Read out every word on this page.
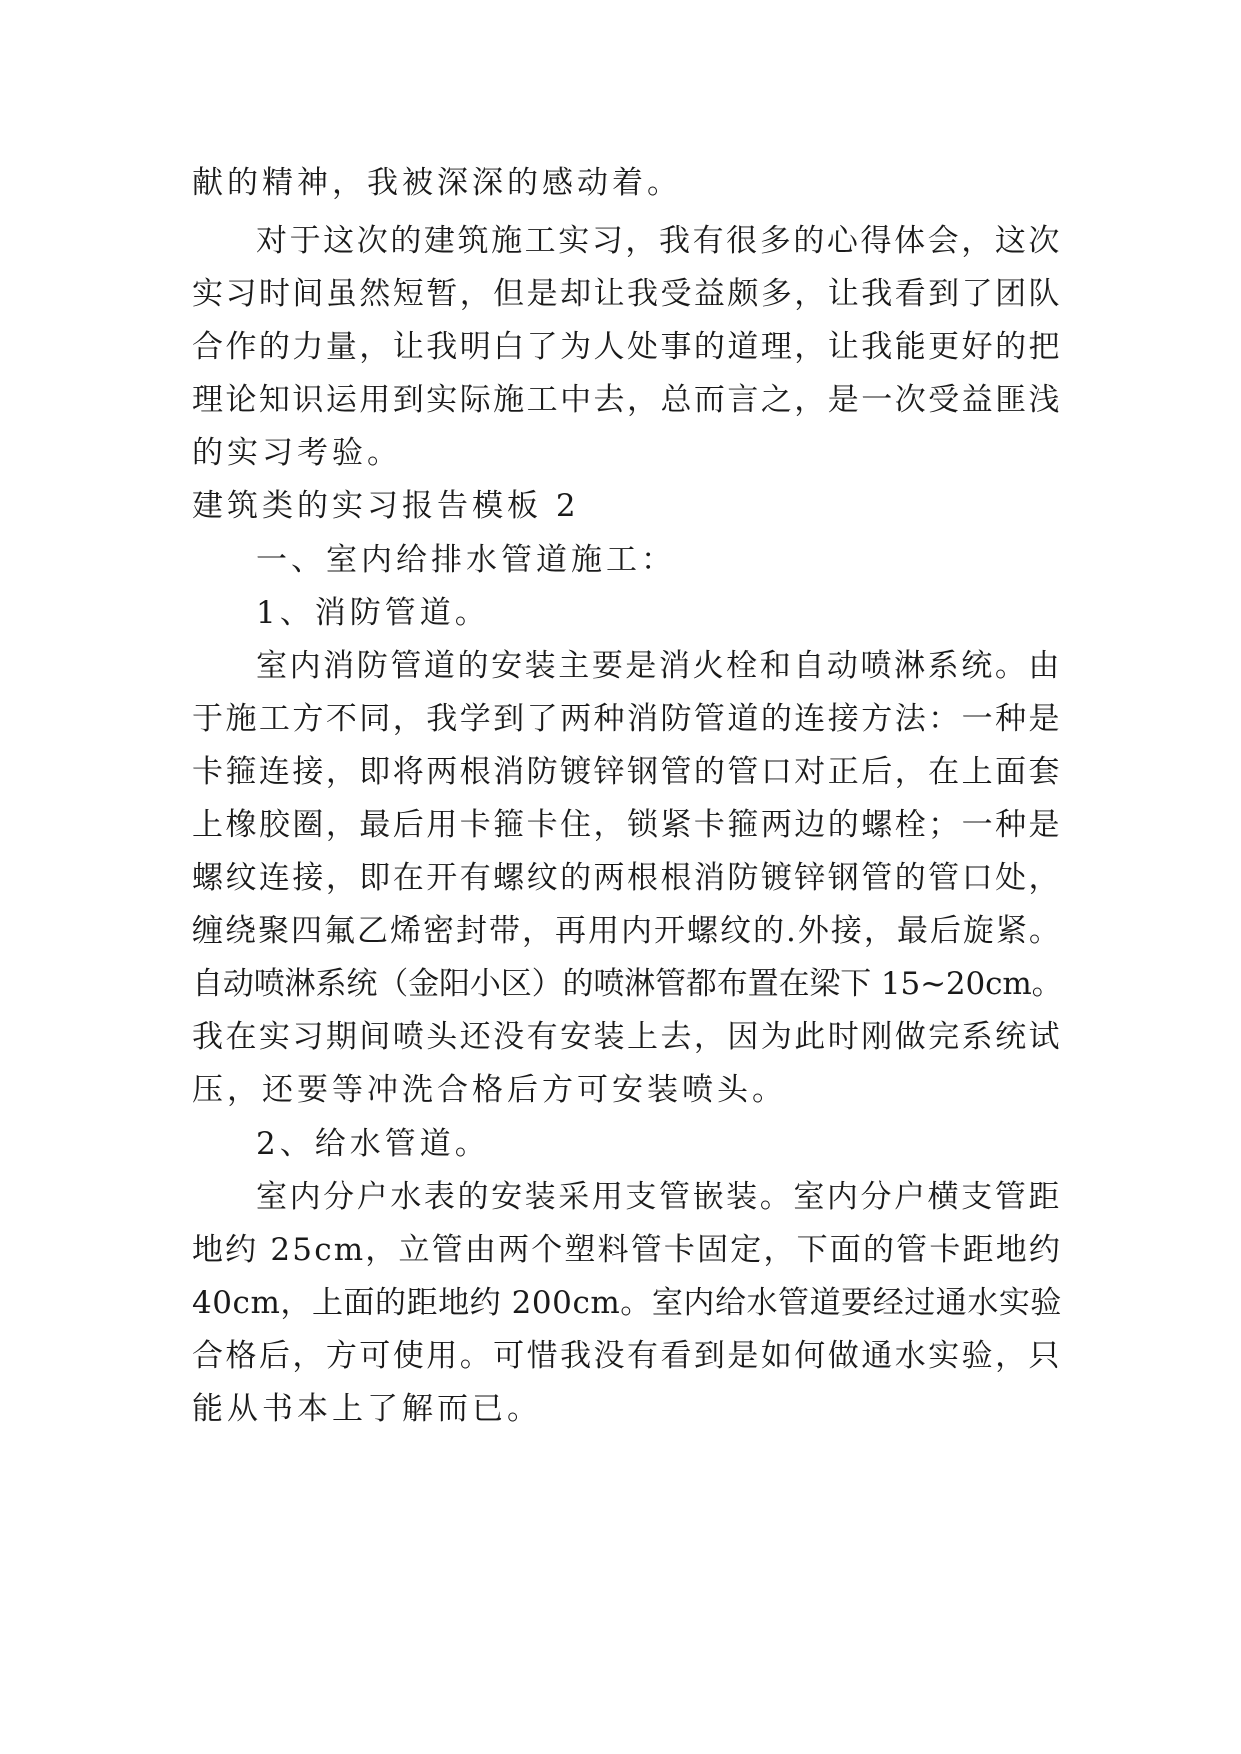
献的精神，我被深深的感动着。
对于这次的建筑施工实习，我有很多的心得体会，这次
实习时间虽然短暂，但是却让我受益颇多，让我看到了团队
合作的力量，让我明白了为人处事的道理，让我能更好的把
理论知识运用到实际施工中去，总而言之，是一次受益匪浅
的实习考验。
建筑类的实习报告模板 2
一、室内给排水管道施工：
1、消防管道。
室内消防管道的安装主要是消火栓和自动喷淋系统。由
于施工方不同，我学到了两种消防管道的连接方法：一种是
卡箍连接，即将两根消防镀锌钢管的管口对正后，在上面套
上橡胶圈，最后用卡箍卡住，锁紧卡箍两边的螺栓；一种是
螺纹连接，即在开有螺纹的两根根消防镀锌钢管的管口处，
缠绕聚四氟乙烯密封带，再用内开螺纹的.外接，最后旋紧。
自动喷淋系统（金阳小区）的喷淋管都布置在梁下 15~20cm。
我在实习期间喷头还没有安装上去，因为此时刚做完系统试
压，还要等冲洗合格后方可安装喷头。
2、给水管道。
室内分户水表的安装采用支管嵌装。室内分户横支管距
地约 25cm，立管由两个塑料管卡固定，下面的管卡距地约
40cm，上面的距地约 200cm。室内给水管道要经过通水实验
合格后，方可使用。可惜我没有看到是如何做通水实验，只
能从书本上了解而已。
